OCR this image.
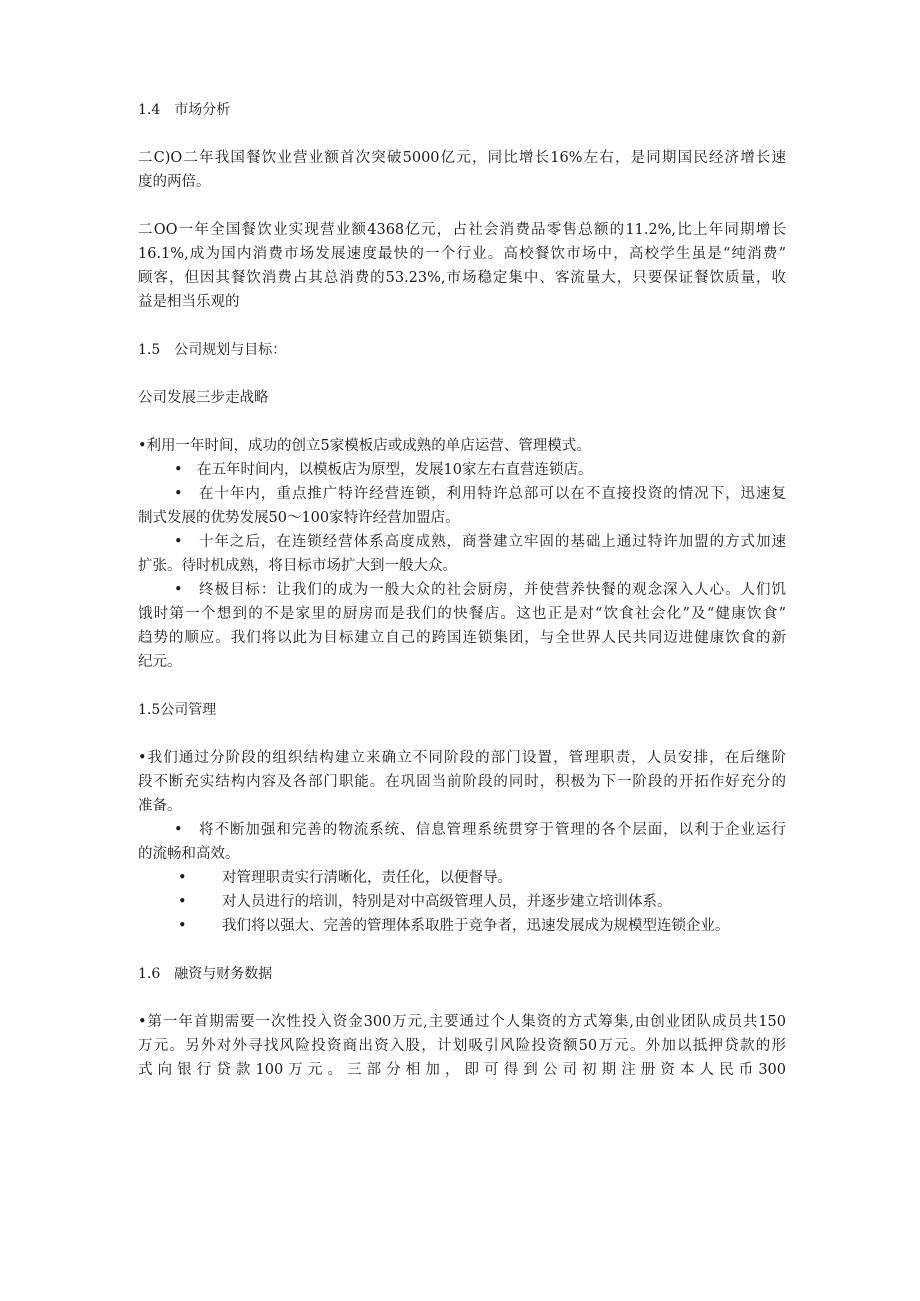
1.4　市场分析

二C)O二年我国餐饮业营业额首次突破5000亿元，同比增长16%左右，是同期国民经济增长速

度的两倍。

二OO一年全国餐饮业实现营业额4368亿元，占社会消费品零售总额的11.2%,比上年同期增长

16.1%,成为国内消费市场发展速度最快的一个行业。高校餐饮市场中，高校学生虽是“纯消费”

顾客，但因其餐饮消费占其总消费的53.23%,市场稳定集中、客流量大，只要保证餐饮质量，收

益是相当乐观的

1.5　公司规划与目标：

公司发展三步走战略

•利用一年时间，成功的创立5家模板店或成熟的单店运营、管理模式。

•　在五年时间内，以模板店为原型，发展10家左右直营连锁店。

•　在十年内，重点推广特许经营连锁，利用特许总部可以在不直接投资的情况下，迅速复

制式发展的优势发展50～100家特许经营加盟店。

•　十年之后，在连锁经营体系高度成熟，商誉建立牢固的基础上通过特许加盟的方式加速

扩张。待时机成熟，将目标市场扩大到一般大众。

•　终极目标：让我们的成为一般大众的社会厨房，并使营养快餐的观念深入人心。人们饥

饿时第一个想到的不是家里的厨房而是我们的快餐店。这也正是对“饮食社会化”及“健康饮食”

趋势的顺应。我们将以此为目标建立自己的跨国连锁集团，与全世界人民共同迈进健康饮食的新

纪元。

1.5公司管理

•我们通过分阶段的组织结构建立来确立不同阶段的部门设置，管理职责，人员安排，在后继阶

段不断充实结构内容及各部门职能。在巩固当前阶段的同时，积极为下一阶段的开拓作好充分的

准备。

•　将不断加强和完善的物流系统、信息管理系统贯穿于管理的各个层面，以利于企业运行

的流畅和高效。

• 对管理职责实行清晰化，责任化，以便督导。

• 对人员进行的培训，特别是对中高级管理人员，并逐步建立培训体系。

• 我们将以强大、完善的管理体系取胜于竞争者，迅速发展成为规模型连锁企业。

1.6　融资与财务数据

•第一年首期需要一次性投入资金300万元,主要通过个人集资的方式筹集,由创业团队成员共150

万元。另外对外寻找风险投资商出资入股，计划吸引风险投资额50万元。外加以抵押贷款的形

式向银行贷款100万元。三部分相加，即可得到公司初期注册资本人民币300
